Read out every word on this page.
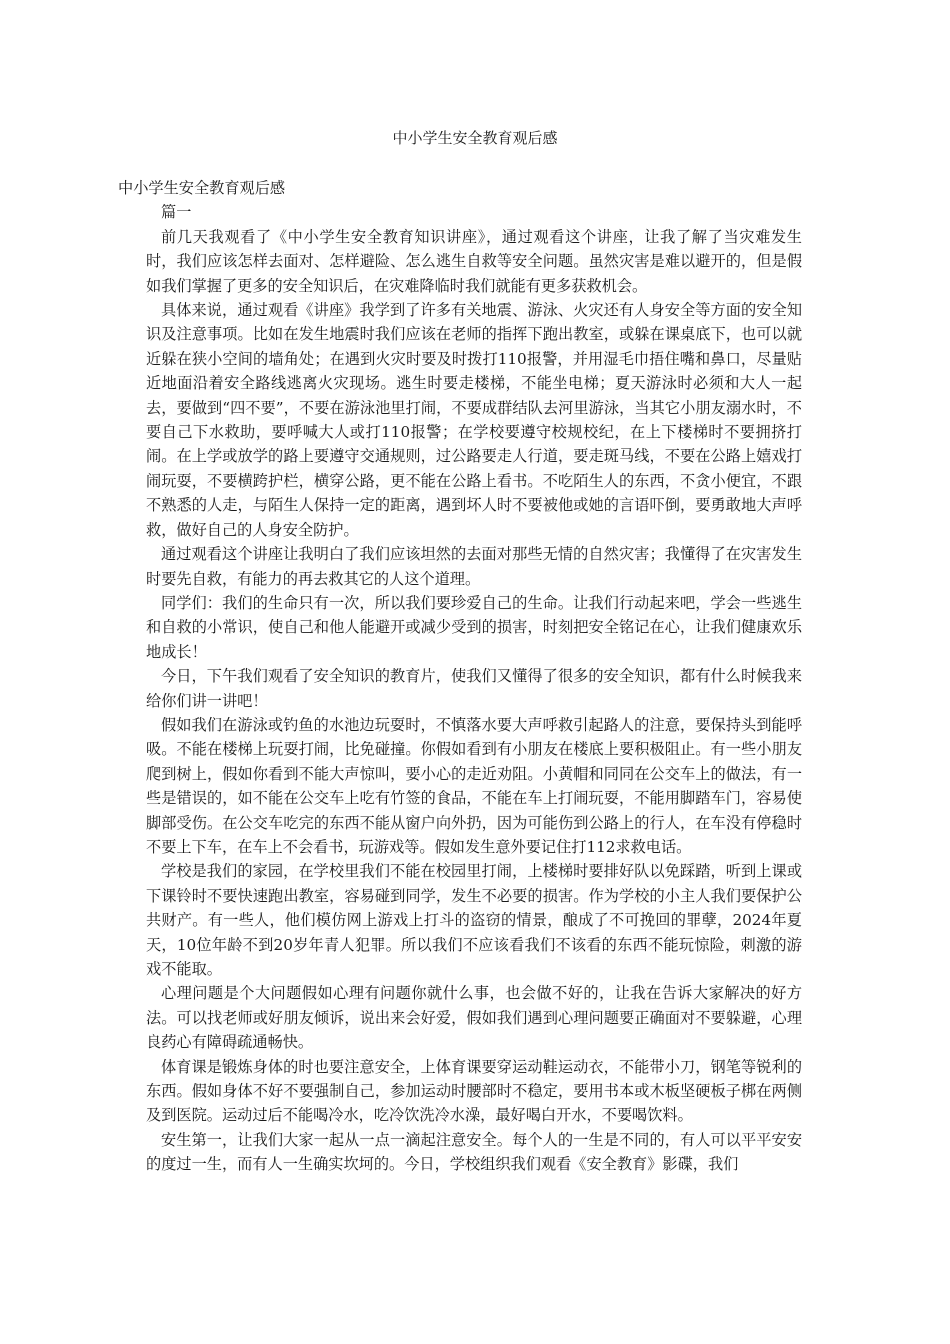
中小学生安全教育观后感

中小学生安全教育观后感

篇一

前几天我观看了《中小学生安全教育知识讲座》，通过观看这个讲座，让我了解了当灾难发生时，我们应该怎样去面对、怎样避险、怎么逃生自救等安全问题。虽然灾害是难以避开的，但是假如我们掌握了更多的安全知识后，在灾难降临时我们就能有更多获救机会。

具体来说，通过观看《讲座》我学到了许多有关地震、游泳、火灾还有人身安全等方面的安全知识及注意事项。比如在发生地震时我们应该在老师的指挥下跑出教室，或躲在课桌底下，也可以就近躲在狭小空间的墙角处；在遇到火灾时要及时拨打110报警，并用湿毛巾捂住嘴和鼻口，尽量贴近地面沿着安全路线逃离火灾现场。逃生时要走楼梯，不能坐电梯；夏天游泳时必须和大人一起去，要做到“四不要”，不要在游泳池里打闹，不要成群结队去河里游泳，当其它小朋友溺水时，不要自己下水救助，要呼喊大人或打110报警；在学校要遵守校规校纪，在上下楼梯时不要拥挤打闹。在上学或放学的路上要遵守交通规则，过公路要走人行道，要走斑马线，不要在公路上嬉戏打闹玩耍，不要横跨护栏，横穿公路，更不能在公路上看书。不吃陌生人的东西，不贪小便宜，不跟不熟悉的人走，与陌生人保持一定的距离，遇到坏人时不要被他或她的言语吓倒，要勇敢地大声呼救，做好自己的人身安全防护。

通过观看这个讲座让我明白了我们应该坦然的去面对那些无情的自然灾害；我懂得了在灾害发生时要先自救，有能力的再去救其它的人这个道理。

同学们：我们的生命只有一次，所以我们要珍爱自己的生命。让我们行动起来吧，学会一些逃生和自救的小常识，使自己和他人能避开或减少受到的损害，时刻把安全铭记在心，让我们健康欢乐地成长！

今日，下午我们观看了安全知识的教育片，使我们又懂得了很多的安全知识，都有什么时候我来给你们讲一讲吧！

假如我们在游泳或钓鱼的水池边玩耍时，不慎落水要大声呼救引起路人的注意，要保持头到能呼吸。不能在楼梯上玩耍打闹，比免碰撞。你假如看到有小朋友在楼底上要积极阻止。有一些小朋友爬到树上，假如你看到不能大声惊叫，要小心的走近劝阻。小黄帽和同同在公交车上的做法，有一些是错误的，如不能在公交车上吃有竹签的食品，不能在车上打闹玩耍，不能用脚踏车门，容易使脚部受伤。在公交车吃完的东西不能从窗户向外扔，因为可能伤到公路上的行人，在车没有停稳时不要上下车，在车上不会看书，玩游戏等。假如发生意外要记住打112求救电话。

学校是我们的家园，在学校里我们不能在校园里打闹，上楼梯时要排好队以免踩踏，听到上课或下课铃时不要快速跑出教室，容易碰到同学，发生不必要的损害。作为学校的小主人我们要保护公共财产。有一些人，他们模仿网上游戏上打斗的盗窃的情景，酿成了不可挽回的罪孽，2024年夏天，10位年龄不到20岁年青人犯罪。所以我们不应该看我们不该看的东西不能玩惊险，刺激的游戏不能取。

心理问题是个大问题假如心理有问题你就什么事，也会做不好的，让我在告诉大家解决的好方法。可以找老师或好朋友倾诉，说出来会好爱，假如我们遇到心理问题要正确面对不要躲避，心理良药心有障碍疏通畅快。

体育课是锻炼身体的时也要注意安全，上体育课要穿运动鞋运动衣，不能带小刀，钢笔等锐利的东西。假如身体不好不要强制自己，参加运动时腰部时不稳定，要用书本或木板坚硬板子梆在两侧及到医院。运动过后不能喝冷水，吃冷饮洗冷水澡，最好喝白开水，不要喝饮料。

安生第一，让我们大家一起从一点一滴起注意安全。每个人的一生是不同的，有人可以平平安安的度过一生，而有人一生确实坎坷的。今日，学校组织我们观看《安全教育》影碟，我们
